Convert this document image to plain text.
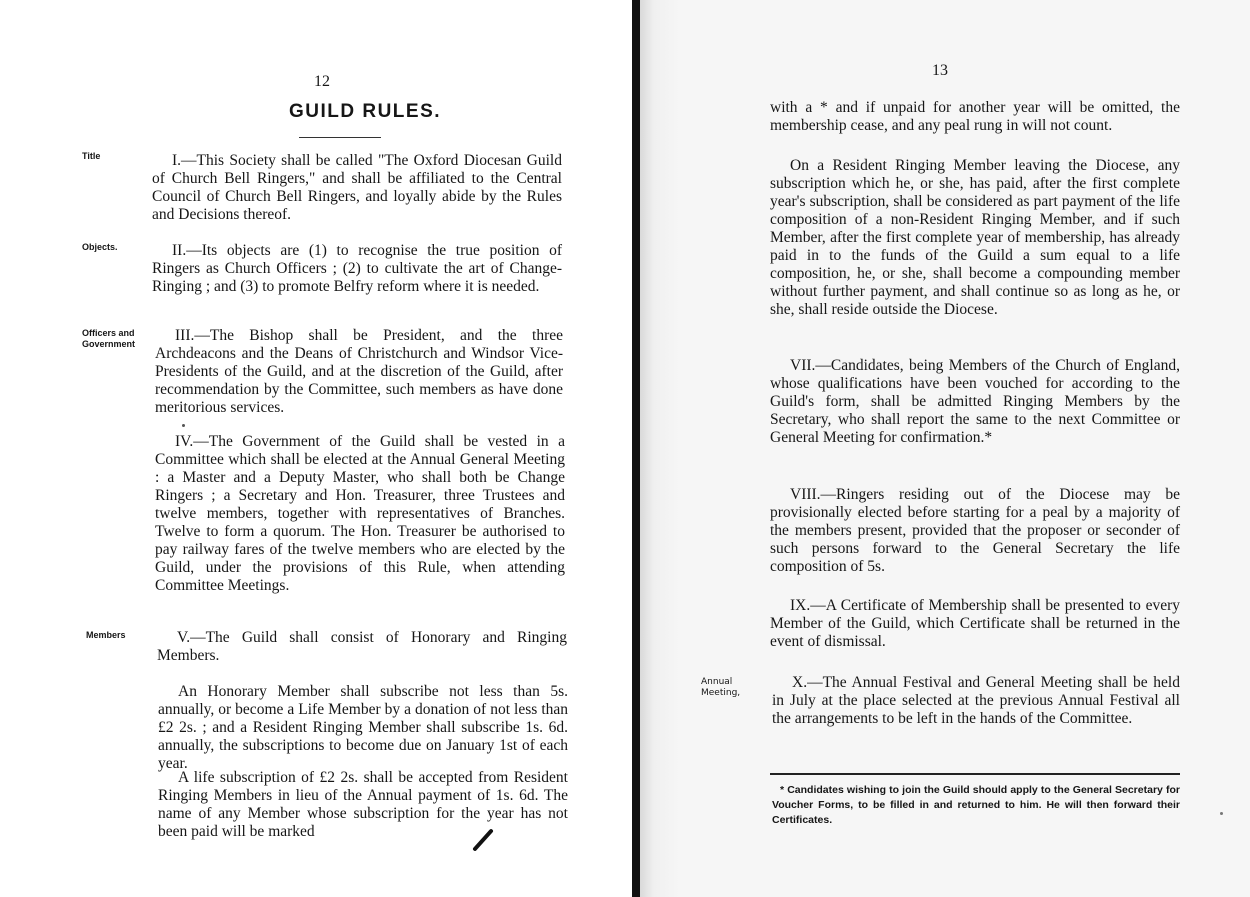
12
GUILD RULES.
Title	I.—This Society shall be called "The Oxford Diocesan Guild of Church Bell Ringers," and shall be affiliated to the Central Council of Church Bell Ringers, and loyally abide by the Rules and Decisions thereof.

Objects.	II.—Its objects are (1) to recognise the true position of Ringers as Church Officers ; (2) to cultivate the art of Change-Ringing ; and (3) to promote Belfry reform where it is needed.

Officers and
Government	III.—The Bishop shall be President, and the three Archdeacons and the Deans of Christchurch and Windsor Vice-Presidents of the Guild, and at the discretion of the Guild, after recommendation by the Committee, such members as have done meritorious services.

IV.—The Government of the Guild shall be vested in a Committee which shall be elected at the Annual General Meeting : a Master and a Deputy Master, who shall both be Change Ringers ; a Secretary and Hon. Treasurer, three Trustees and twelve members, together with representatives of Branches. Twelve to form a quorum. The Hon. Treasurer be authorised to pay railway fares of the twelve members who are elected by the Guild, under the provisions of this Rule, when attending Committee Meetings.

Members	V.—The Guild shall consist of Honorary and Ringing Members.

An Honorary Member shall subscribe not less than 5s. annually, or become a Life Member by a donation of not less than £2 2s. ; and a Resident Ringing Member shall subscribe 1s. 6d. annually, the subscriptions to become due on January 1st of each year.

A life subscription of £2 2s. shall be accepted from Resident Ringing Members in lieu of the Annual payment of 1s. 6d. The name of any Member whose subscription for the year has not been paid will be marked

13

with a * and if unpaid for another year will be omitted, the membership cease, and any peal rung in will not count.

On a Resident Ringing Member leaving the Diocese, any subscription which he, or she, has paid, after the first complete year's subscription, shall be considered as part payment of the life composition of a non-Resident Ringing Member, and if such Member, after the first complete year of membership, has already paid in to the funds of the Guild a sum equal to a life composition, he, or she, shall become a compounding member without further payment, and shall continue so as long as he, or she, shall reside outside the Diocese.

VII.—Candidates, being Members of the Church of England, whose qualifications have been vouched for according to the Guild's form, shall be admitted Ringing Members by the Secretary, who shall report the same to the next Committee or General Meeting for confirmation.*

VIII.—Ringers residing out of the Diocese may be provisionally elected before starting for a peal by a majority of the members present, provided that the proposer or seconder of such persons forward to the General Secretary the life composition of 5s.

IX.—A Certificate of Membership shall be presented to every Member of the Guild, which Certificate shall be returned in the event of dismissal.

Annual
Meeting,

X.—The Annual Festival and General Meeting shall be held in July at the place selected at the previous Annual Festival all the arrangements to be left in the hands of the Committee.

* Candidates wishing to join the Guild should apply to the General Secretary for Voucher Forms, to be filled in and returned to him. He will then forward their Certificates.
